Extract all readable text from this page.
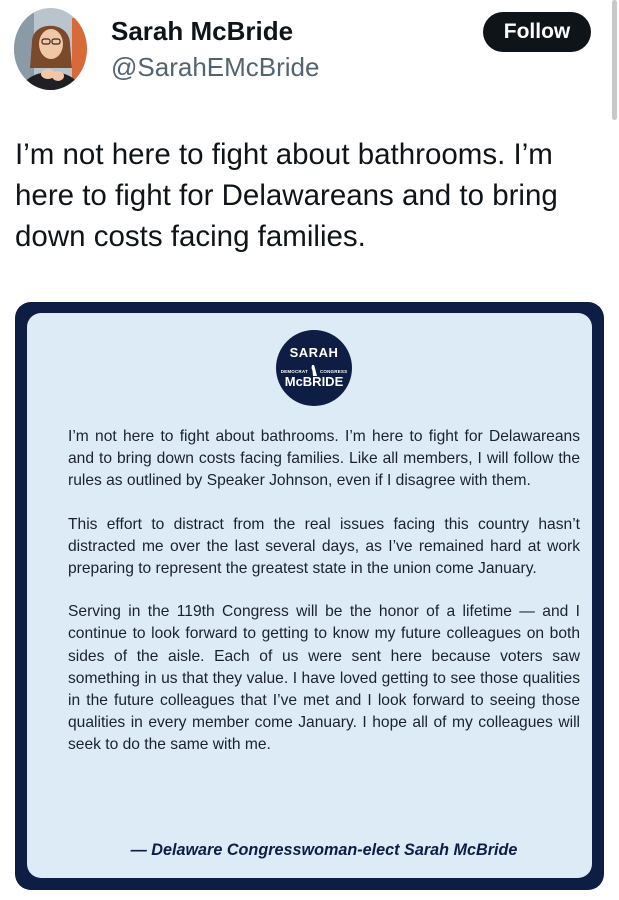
Sarah McBride
@SarahEMcBride
Follow

I’m not here to fight about bathrooms. I’m here to fight for Delawareans and to bring down costs facing families.

SARAH
DEMOCRAT	CONGRESS
McBRIDE

I’m not here to fight about bathrooms. I’m here to fight for Delawareans and to bring down costs facing families. Like all members, I will follow the rules as outlined by Speaker Johnson, even if I disagree with them.

This effort to distract from the real issues facing this country hasn’t distracted me over the last several days, as I’ve remained hard at work preparing to represent the greatest state in the union come January.

Serving in the 119th Congress will be the honor of a lifetime — and I continue to look forward to getting to know my future colleagues on both sides of the aisle. Each of us were sent here because voters saw something in us that they value. I have loved getting to see those qualities in the future colleagues that I’ve met and I look forward to seeing those qualities in every member come January. I hope all of my colleagues will seek to do the same with me.

— Delaware Congresswoman-elect Sarah McBride
